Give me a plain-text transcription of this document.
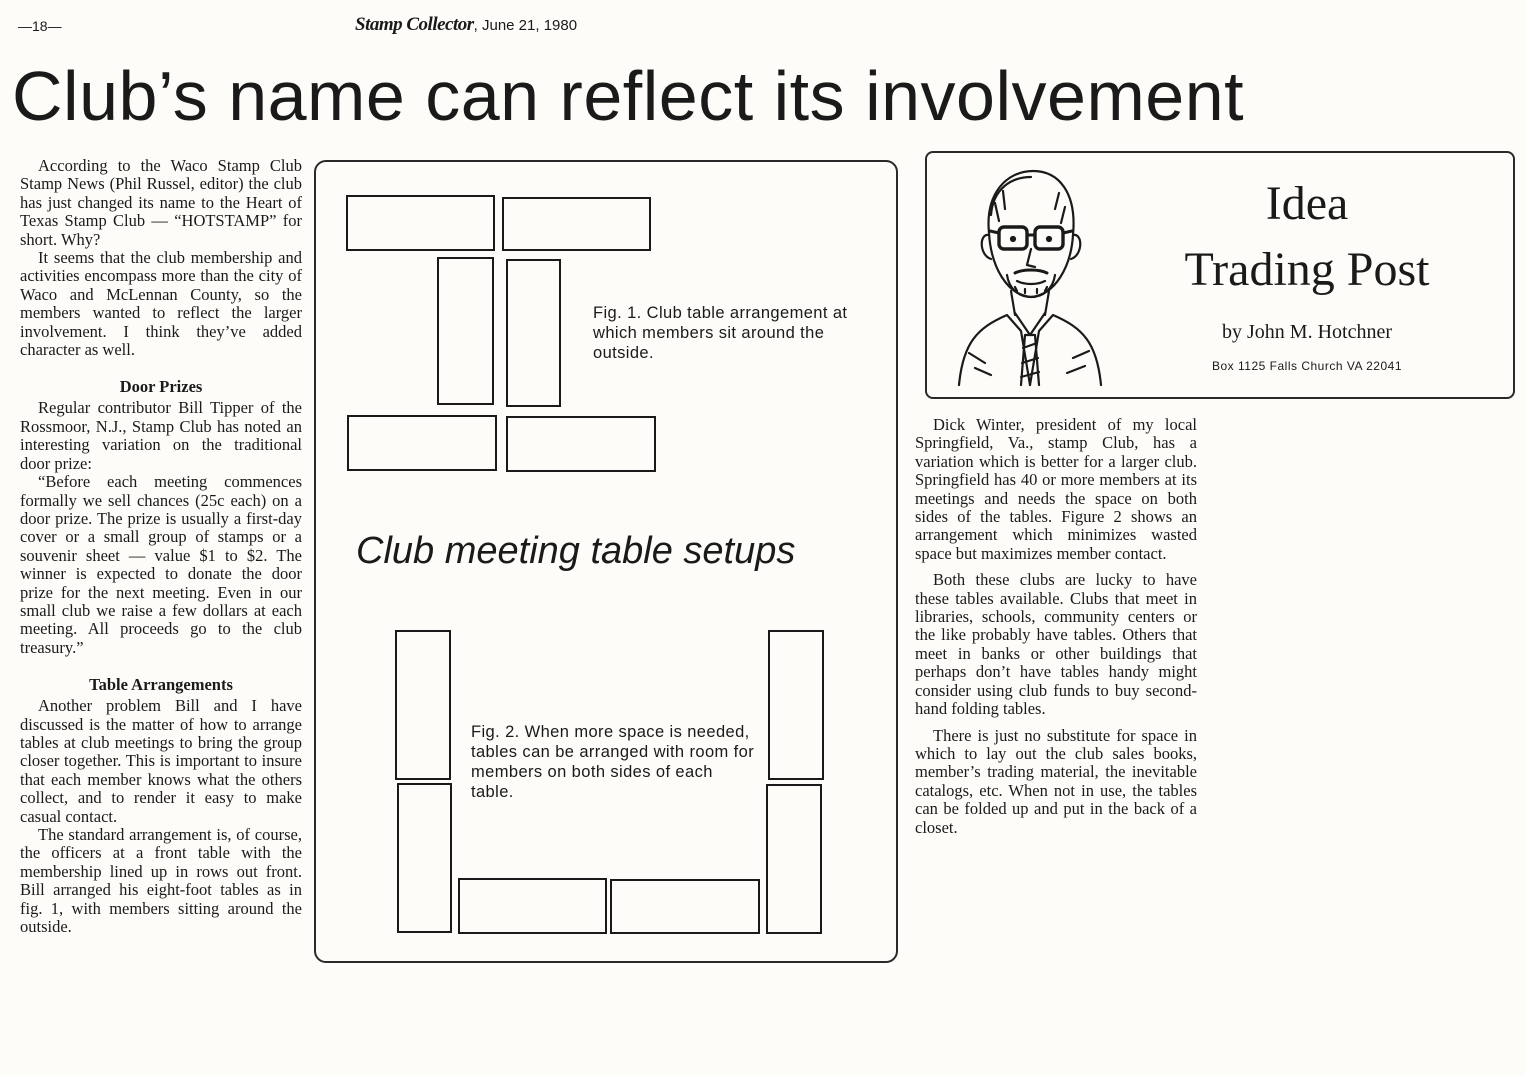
—18—	Stamp Collector, June 21, 1980
Club’s name can reflect its involvement

According to the Waco Stamp Club Stamp News (Phil Russel, editor) the club has just changed its name to the Heart of Texas Stamp Club — “HOTSTAMP” for short. Why?

It seems that the club membership and activities encompass more than the city of Waco and McLennan County, so the members wanted to reflect the larger involvement. I think they’ve added character as well.

Door Prizes

Regular contributor Bill Tipper of the Rossmoor, N.J., Stamp Club has noted an interesting variation on the traditional door prize:

“Before each meeting commences formally we sell chances (25c each) on a door prize. The prize is usually a first-day cover or a small group of stamps or a souvenir sheet — value $1 to $2. The winner is expected to donate the door prize for the next meeting. Even in our small club we raise a few dollars at each meeting. All proceeds go to the club treasury.”

Table Arrangements

Another problem Bill and I have discussed is the matter of how to arrange tables at club meetings to bring the group closer together. This is important to insure that each member knows what the others collect, and to render it easy to make casual contact.

The standard arrangement is, of course, the officers at a front table with the membership lined up in rows out front. Bill arranged his eight-foot tables as in fig. 1, with members sitting around the outside.

Fig. 1. Club table arrangement at which members sit around the outside.
Club meeting table setups
Fig. 2. When more space is needed, tables can be arranged with room for members on both sides of each table.
Idea
Trading Post
by John M. Hotchner
Box 1125 Falls Church VA 22041

Dick Winter, president of my local Springfield, Va., stamp Club, has a variation which is better for a larger club. Springfield has 40 or more members at its meetings and needs the space on both sides of the tables. Figure 2 shows an arrangement which minimizes wasted space but maximizes member contact.

Both these clubs are lucky to have these tables available. Clubs that meet in libraries, schools, community centers or the like probably have tables. Others that meet in banks or other buildings that perhaps don’t have tables handy might consider using club funds to buy second-hand folding tables.

There is just no substitute for space in which to lay out the club sales books, member’s trading material, the inevitable catalogs, etc. When not in use, the tables can be folded up and put in the back of a closet.
